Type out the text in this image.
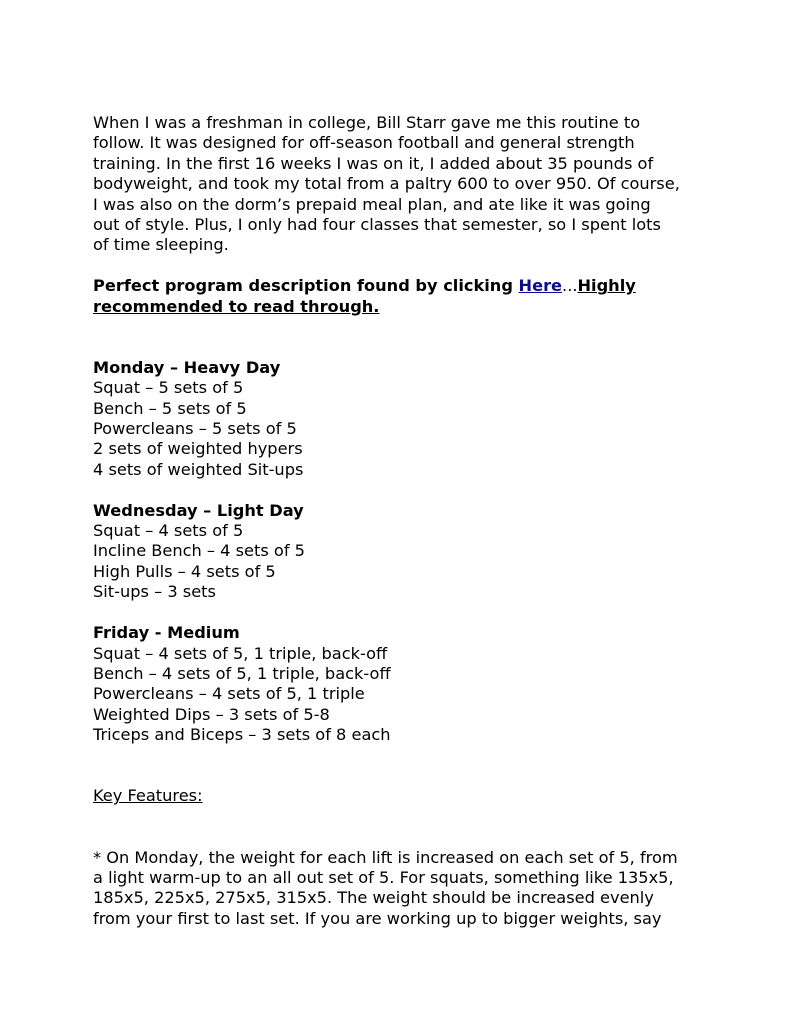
When I was a freshman in college, Bill Starr gave me this routine to
follow. It was designed for off-season football and general strength
training. In the first 16 weeks I was on it, I added about 35 pounds of
bodyweight, and took my total from a paltry 600 to over 950. Of course,
I was also on the dorm’s prepaid meal plan, and ate like it was going
out of style. Plus, I only had four classes that semester, so I spent lots
of time sleeping.

Perfect program description found by clicking Here...Highly
recommended to read through.

Monday – Heavy Day
Squat – 5 sets of 5
Bench – 5 sets of 5
Powercleans – 5 sets of 5
2 sets of weighted hypers
4 sets of weighted Sit-ups
Wednesday – Light Day
Squat – 4 sets of 5
Incline Bench – 4 sets of 5
High Pulls – 4 sets of 5
Sit-ups – 3 sets
Friday - Medium
Squat – 4 sets of 5, 1 triple, back-off
Bench – 4 sets of 5, 1 triple, back-off
Powercleans – 4 sets of 5, 1 triple
Weighted Dips – 3 sets of 5-8
Triceps and Biceps – 3 sets of 8 each
Key Features:

* On Monday, the weight for each lift is increased on each set of 5, from
a light warm-up to an all out set of 5. For squats, something like 135x5,
185x5, 225x5, 275x5, 315x5. The weight should be increased evenly
from your first to last set. If you are working up to bigger weights, say
